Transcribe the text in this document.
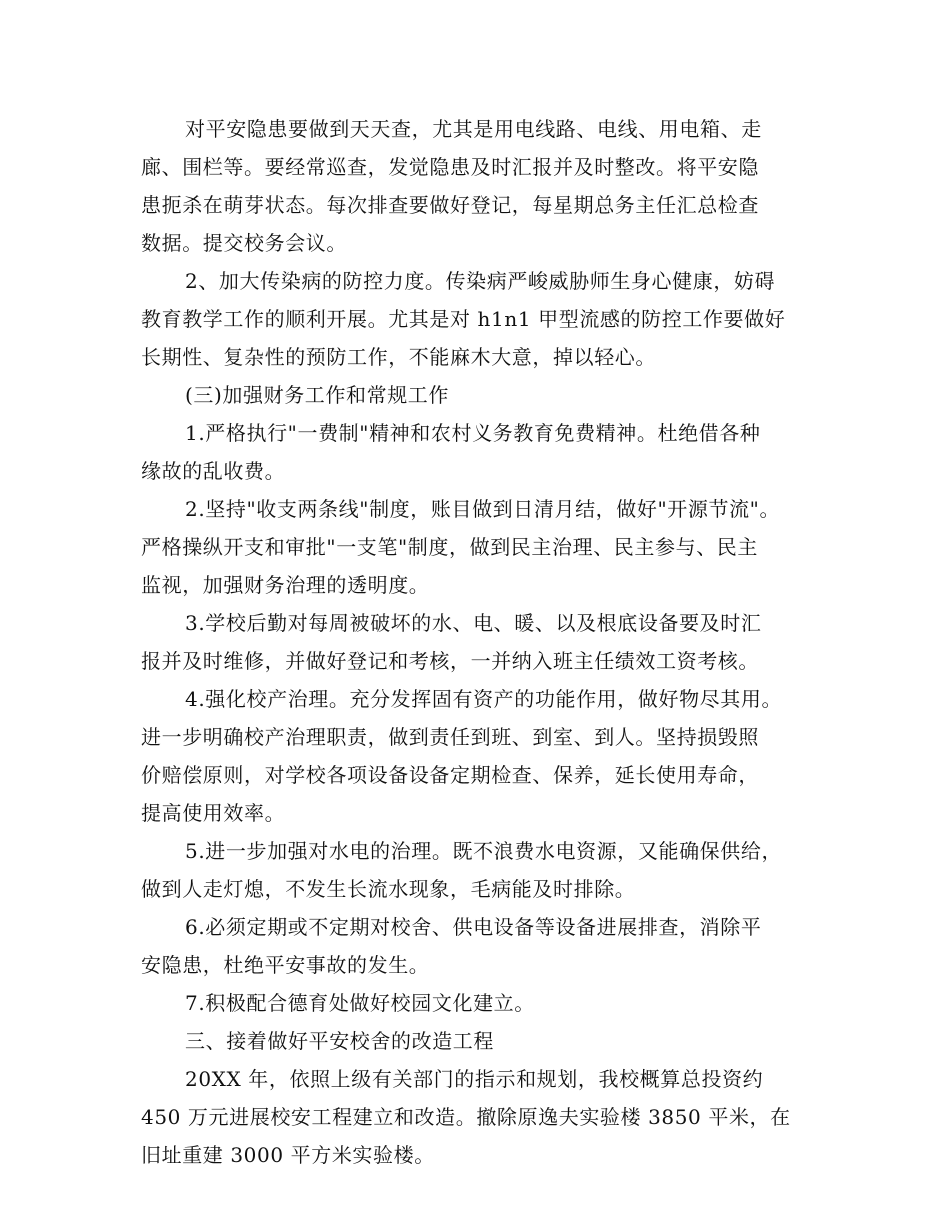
对平安隐患要做到天天查，尤其是用电线路、电线、用电箱、走
廊、围栏等。要经常巡查，发觉隐患及时汇报并及时整改。将平安隐
患扼杀在萌芽状态。每次排查要做好登记，每星期总务主任汇总检查
数据。提交校务会议。
2、加大传染病的防控力度。传染病严峻威胁师生身心健康，妨碍
教育教学工作的顺利开展。尤其是对 h1n1 甲型流感的防控工作要做好
长期性、复杂性的预防工作，不能麻木大意，掉以轻心。
(三)加强财务工作和常规工作
1.严格执行"一费制"精神和农村义务教育免费精神。杜绝借各种
缘故的乱收费。
2.坚持"收支两条线"制度，账目做到日清月结，做好"开源节流"。
严格操纵开支和审批"一支笔"制度，做到民主治理、民主参与、民主
监视，加强财务治理的透明度。
3.学校后勤对每周被破坏的水、电、暖、以及根底设备要及时汇
报并及时维修，并做好登记和考核，一并纳入班主任绩效工资考核。
4.强化校产治理。充分发挥固有资产的功能作用，做好物尽其用。
进一步明确校产治理职责，做到责任到班、到室、到人。坚持损毁照
价赔偿原则，对学校各项设备设备定期检查、保养，延长使用寿命，
提高使用效率。
5.进一步加强对水电的治理。既不浪费水电资源，又能确保供给，
做到人走灯熄，不发生长流水现象，毛病能及时排除。
6.必须定期或不定期对校舍、供电设备等设备进展排查，消除平
安隐患，杜绝平安事故的发生。
7.积极配合德育处做好校园文化建立。
三、接着做好平安校舍的改造工程
20XX 年，依照上级有关部门的指示和规划，我校概算总投资约
450 万元进展校安工程建立和改造。撤除原逸夫实验楼 3850 平米，在
旧址重建 3000 平方米实验楼。
